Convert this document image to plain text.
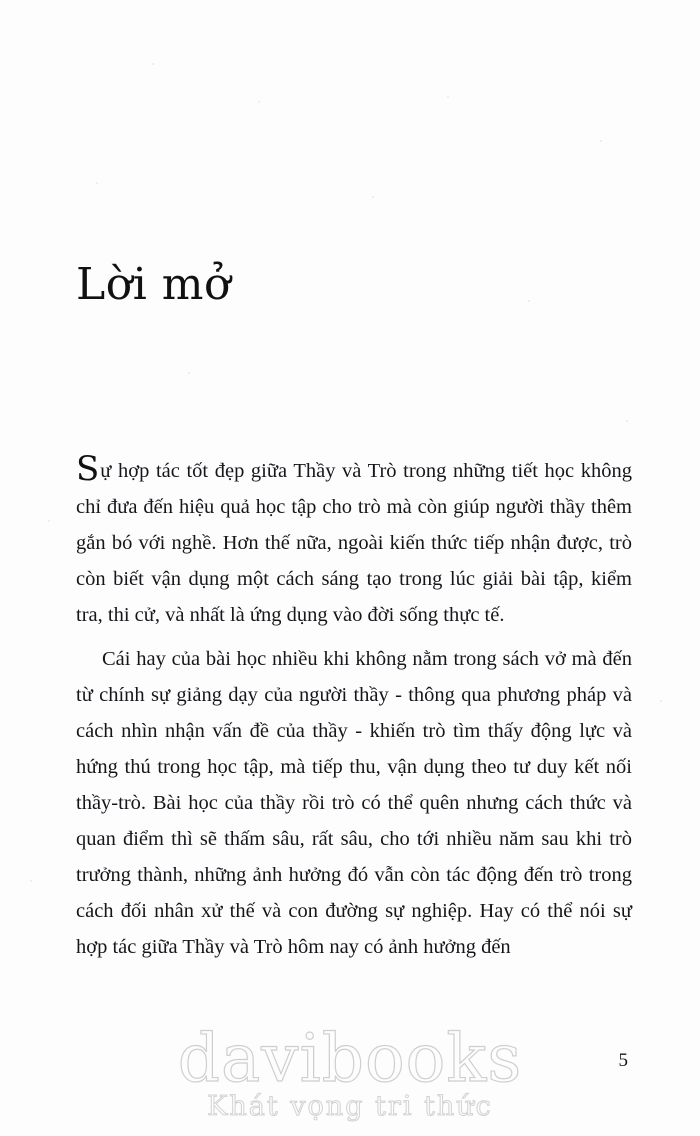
Lời mở

Sự hợp tác tốt đẹp giữa Thầy và Trò trong những tiết học không chỉ đưa đến hiệu quả học tập cho trò mà còn giúp người thầy thêm gắn bó với nghề. Hơn thế nữa, ngoài kiến thức tiếp nhận được, trò còn biết vận dụng một cách sáng tạo trong lúc giải bài tập, kiểm tra, thi cử, và nhất là ứng dụng vào đời sống thực tế.

Cái hay của bài học nhiều khi không nằm trong sách vở mà đến từ chính sự giảng dạy của người thầy - thông qua phương pháp và cách nhìn nhận vấn đề của thầy - khiến trò tìm thấy động lực và hứng thú trong học tập, mà tiếp thu, vận dụng theo tư duy kết nối thầy-trò. Bài học của thầy rồi trò có thể quên nhưng cách thức và quan điểm thì sẽ thấm sâu, rất sâu, cho tới nhiều năm sau khi trò trưởng thành, những ảnh hưởng đó vẫn còn tác động đến trò trong cách đối nhân xử thế và con đường sự nghiệp. Hay có thể nói sự hợp tác giữa Thầy và Trò hôm nay có ảnh hưởng đến

5
davibooks
Khát vọng tri thức
